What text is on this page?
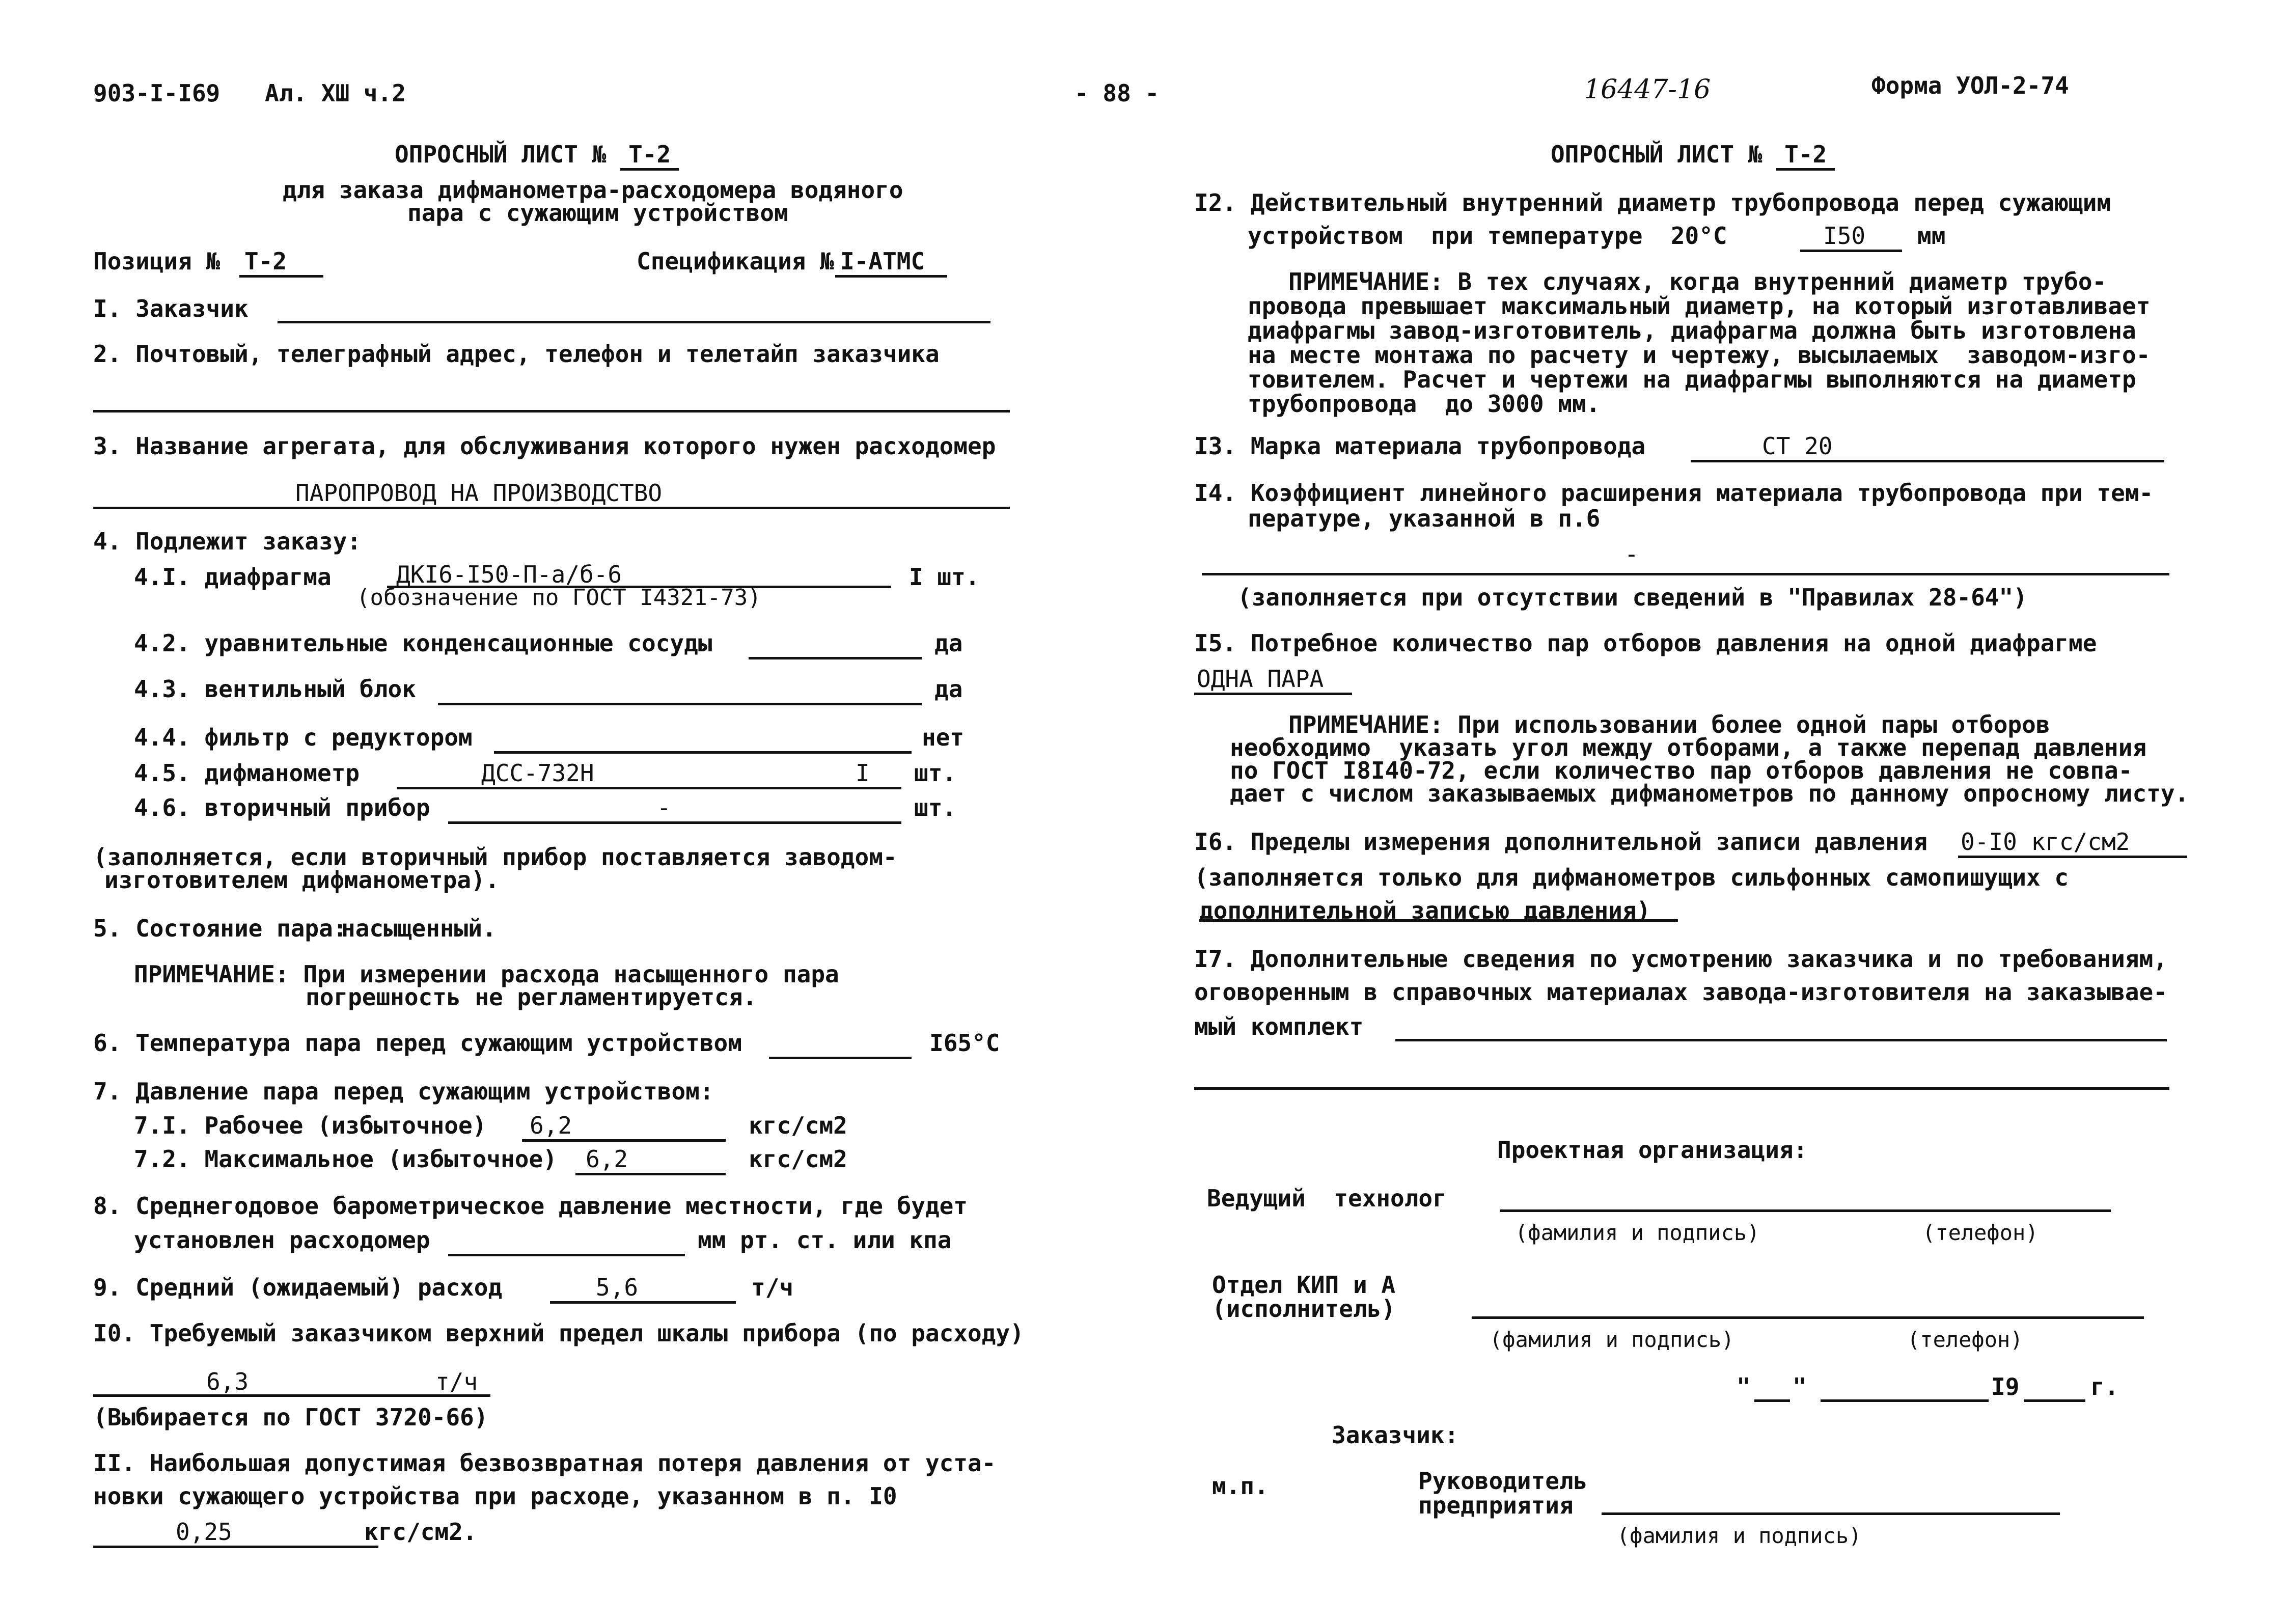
903-I-I69 Ал. XШ ч.2	- 88 -	16447-16	Форма УОЛ-2-74
ОПРОСНЫЙ ЛИСТ № Т-2
для заказа дифманометра-расходомера водяного
пара с сужающим устройством
Позиция № Т-2	Спецификация № I-АТМС
I. Заказчик
2. Почтовый, телеграфный адрес, телефон и телетайп заказчика
3. Название агрегата, для обслуживания которого нужен расходомер
ПАРОПРОВОД НА ПРОИЗВОДСТВО
4. Подлежит заказу:
4.I. диафрагма	ДКI6-I50-П-а/б-6	I шт.
(обозначение по ГОСТ I4321-73)
4.2. уравнительные конденсационные сосуды	да
4.3. вентильный блок	да
4.4. фильтр с редуктором	нет
4.5. дифманометр	ДСС-732Н	I шт.
4.6. вторичный прибор	-	шт.
(заполняется, если вторичный прибор поставляется заводом-
изготовителем дифманометра).
5. Состояние пара:
насыщенный.
ПРИМЕЧАНИЕ: При измерении расхода насыщенного пара
погрешность не регламентируется.
6. Температура пара перед сужающим устройством	I65°С
7. Давление пара перед сужающим устройством:
7.I. Рабочее (избыточное) 6,2	кгс/см2
7.2. Максимальное (избыточное) 6,2	кгс/см2
8. Среднегодовое барометрическое давление местности, где будет
установлен расходомер	мм рт. ст. или кпа
9. Средний (ожидаемый) расход	5,6	т/ч
I0. Требуемый заказчиком верхний предел шкалы прибора (по расходу)
6,3	т/ч
(Выбирается по ГОСТ 3720-66)
II. Наибольшая допустимая безвозвратная потеря давления от уста-
новки сужающего устройства при расходе, указанном в п. I0
0,25	кгс/см2.
ОПРОСНЫЙ ЛИСТ № Т-2
I2. Действительный внутренний диаметр трубопровода перед сужающим
устройством  при температуре  20°С	I50 мм
ПРИМЕЧАНИЕ: В тех случаях, когда внутренний диаметр трубо-
провода превышает максимальный диаметр, на который изготавливает
диафрагмы завод-изготовитель, диафрагма должна быть изготовлена
на месте монтажа по расчету и чертежу, высылаемых  заводом-изго-
товителем. Расчет и чертежи на диафрагмы выполняются на диаметр
трубопровода  до 3000 мм.
I3. Марка материала трубопровода	СТ 20
I4. Коэффициент линейного расширения материала трубопровода при тем-
пературе, указанной в п.6
-
(заполняется при отсутствии сведений в "Правилах 28-64")
I5. Потребное количество пар отборов давления на одной диафрагме
ОДНА ПАРА
ПРИМЕЧАНИЕ: При использовании более одной пары отборов
необходимо  указать угол между отборами, а также перепад давления
по ГОСТ I8I40-72, если количество пар отборов давления не совпа-
дает с числом заказываемых дифманометров по данному опросному листу.
I6. Пределы измерения дополнительной записи давления 0-I0 кгс/см2
(заполняется только для дифманометров сильфонных самопишущих с
дополнительной записью давления)
I7. Дополнительные сведения по усмотрению заказчика и по требованиям,
оговоренным в справочных материалах завода-изготовителя на заказывае-
мый комплект
Проектная организация:
Ведущий  технолог
(фамилия и подпись)	(телефон)
Отдел КИП и А
(исполнитель)
(фамилия и подпись)	(телефон)
" "	I9	г.
Заказчик:
м.п.	Руководитель
предприятия
(фамилия и подпись)
